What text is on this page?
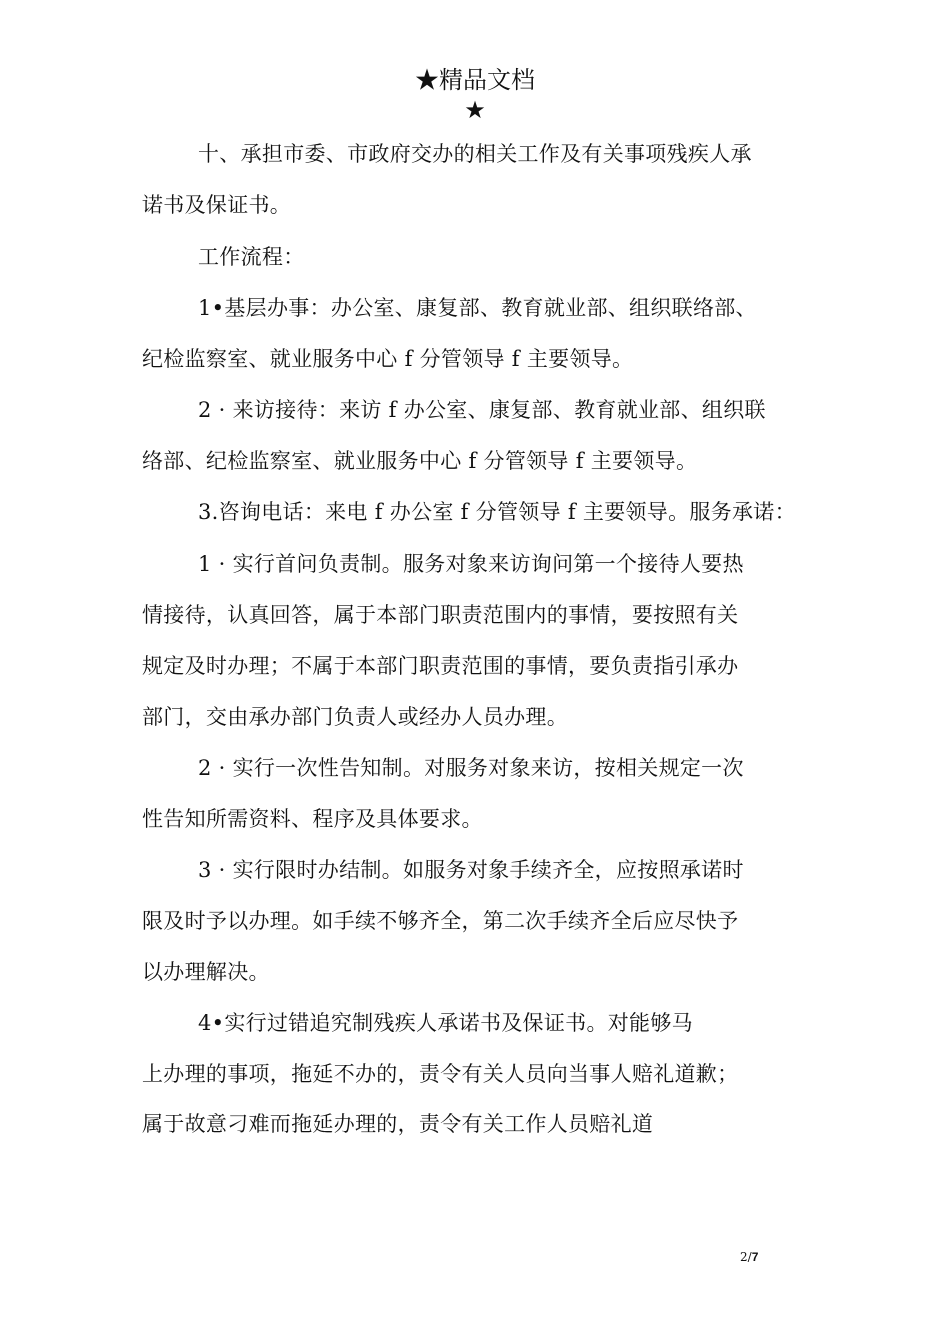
★精品文档
★
十、承担市委、市政府交办的相关工作及有关事项残疾人承
诺书及保证书。
工作流程：
1•基层办事：办公室、康复部、教育就业部、组织联络部、
纪检监察室、就业服务中心 f 分管领导 f 主要领导。
2 · 来访接待：来访 f 办公室、康复部、教育就业部、组织联
络部、纪检监察室、就业服务中心 f 分管领导 f 主要领导。
3.咨询电话：来电 f 办公室 f 分管领导 f 主要领导。服务承诺：
1 · 实行首问负责制。服务对象来访询问第一个接待人要热
情接待，认真回答，属于本部门职责范围内的事情，要按照有关
规定及时办理；不属于本部门职责范围的事情，要负责指引承办
部门，交由承办部门负责人或经办人员办理。
2 · 实行一次性告知制。对服务对象来访，按相关规定一次
性告知所需资料、程序及具体要求。
3 · 实行限时办结制。如服务对象手续齐全，应按照承诺时
限及时予以办理。如手续不够齐全，第二次手续齐全后应尽快予
以办理解决。
4•实行过错追究制残疾人承诺书及保证书。对能够马
上办理的事项，拖延不办的，责令有关人员向当事人赔礼道歉；
属于故意刁难而拖延办理的，责令有关工作人员赔礼道
2/7
